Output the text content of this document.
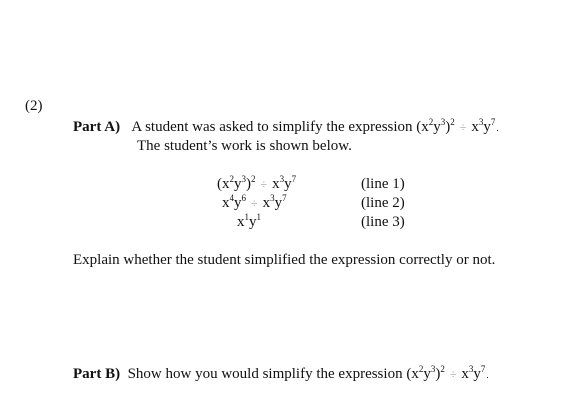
(2)
Part A) A student was asked to simplify the expression $(x^2y^3)^2 \div x^3y^7$.
The student’s work is shown below.
$(x^2y^3)^2 \div x^3y^7$	(line 1)
$x^4y^6 \div x^3y^7$	(line 2)
$x^1y^1$	(line 3)
Explain whether the student simplified the expression correctly or not.
Part B) Show how you would simplify the expression $(x^2y^3)^2 \div x^3y^7$.
